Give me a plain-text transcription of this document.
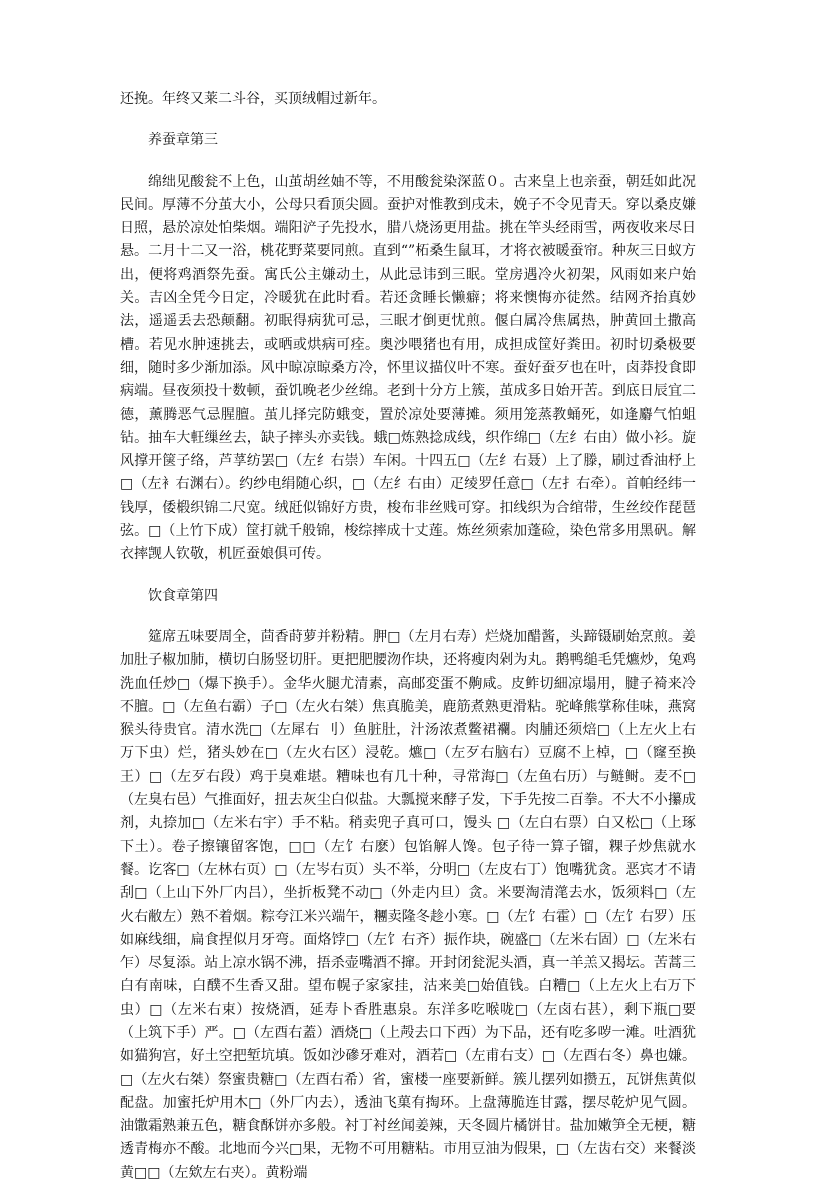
还挽。年终又莱二斗谷，买顶绒帽过新年。

养蚕章第三

绵绌见酸瓮不上色，山茧胡丝妯不等，不用酸瓮染深蓝０。古来皇上也亲蚕，朝廷如此况民间。厚薄不分茧大小，公母只看顶尖圆。蚕护对惟教到戌未，娩子不令见青天。穿以桑皮嫌日照，悬於凉处怕柴烟。端阳浐子先投水，腊八烧汤更用盐。挑在竿头经雨雪，两夜收来尽日悬。二月十二又一浴，桃花野菜要同煎。直到“”柘桑生鼠耳，才将衣被暖蚕帘。种灰三日蚁方出，便将鸡酒祭先蚕。寓氏公主嫌动土，从此忌讳到三眠。堂房遇冷火初架，风雨如来户始关。吉凶全凭今日定，冷暖犹在此时看。若还贪睡长懒癖；将来懊悔亦徒然。结网齐抬真妙法，遥遥丢去恐颠翻。初眠得病犹可忌，三眠才倒更忧煎。偃白属冷焦属热，肿黄回土撒高槽。若见水肿速挑去，或晒或烘病可痊。奥沙喂猪也有用，成担成筐好粪田。初时切桑极要细，随时多少渐加添。风中晾凉晾桑方冷，怀里议描仪叶不寒。蚕好蚕歹也在叶，卤莽投食即病端。昼夜须投十数顿，蚕饥晚老少丝绵。老到十分方上簇，茧成多日始开苦。到底日辰宜二德，薰腾恶气忌腥膻。茧儿择完防蛾变，置於凉处要薄摊。须用笼蒸教蛹死，如逢麝气怕蛆钻。抽车大軖缫丝去，缺子摔头亦卖钱。蛾□炼熟捻成线，织作绵□（左纟右由）做小衫。旋风撑开箧子络，芦莩纺罢□（左纟右崇）车闲。十四五□（左纟右聂）上了滕，刷过香油杼上□（左衤右渊右）。约纱电绢随心织，□（左纟右由）疋绫罗任意□（左扌右牵）。首帕经纬一钱厚，倭椴织锦二尺宽。绒瓩似锦好方贵，梭布非丝贱可穿。扣线织为合绾带，生丝绞作琵琶弦。□（上竹下成）筐打就千般锦，梭综摔成十丈莲。炼丝须索加蓬硷，染色常多用黑矾。解衣摔觊人钦敬，机匠蚕娘俱可传。

饮食章第四

筵席五味要周全，茴香莳萝并粉精。胛□（左月右寿）烂烧加醋酱，头蹄镊刷始烹煎。姜加肚子椒加肺，横切白肠竖切肝。更把肥腰沕作块，还将瘦肉剁为丸。鹅鸭缒毛凭爊炒，兔鸡洗血任炒□（爆下换手）。金华火腿尤清素，高邮変蛋不齁咸。皮鲊切細凉塌用，腱子裿来冷不膻。□（左鱼右霸）子□（左火右桀）焦真脆美，鹿筋煮熟更滑粘。驼峰熊掌称佳味，燕窝猴头待贵官。清水洗□（左犀右 刂）鱼脏肚，汁汤浓煮鳖裙襴。肉脯还须焙□（上左火上右万下虫）烂，猪头妙在□（左火右区）浸乾。爊□（左歹右脑右）豆腐不上棹，□（窿至换王）□（左歹右段）鸡于臭难堪。糟味也有几十种，寻常海□（左鱼右历）与鲢鲥。麦不□（左臭右邑）气推面好，扭去灰尘白似盐。大瓢搅来酵子发，下手先按二百拳。不大不小攥成剂，丸捺加□（左米右宇）手不粘。稍卖兜子真可口，馒头 □（左白右票）白又松□（上琢下土）。卷子擦镶留客饱，□□（左饣右麽）包馅解人馋。包子待一算子镏，粿子炒焦就水餐。讫客□（左林右页）□（左岑右页）头不举，分明□（左皮右丁）饱嘴犹贪。恶宾才不请刮□（上山下外厂内吕），坐折板凳不动□（外走内旦）贪。米要淘清滗去水，饭须料□（左火右敝左）熟不着烟。粽夸江米兴端午，糰卖隆冬趁小寒。□（左饣右霍）□（左饣右罗）压如麻线细，扁食捏似月牙弯。面烙饽□（左饣右齐）振作块，碗盛□（左米右固）□（左米右乍）尽复添。站上凉水锅不沸，捂杀壶嘴酒不撺。开封闭瓮泥头酒，真一羊羔又揭坛。苦蒿三白有南味，白醭不生香又甜。望布幌子家家挂，沽来美□始值钱。白糟□（上左火上右万下虫）□（左米右束）按烧酒，延寿卜香胜惠泉。东洋多吃喉咙□（左卤右甚），剩下瓶□要（上筑下手）严。□（左酉右蓋）酒烧□（上殸去口下西）为下品，还有吃多哕一滩。吐酒犹如猫狗宫，好土空把堑坑填。饭如沙磣牙难对，酒若□（左甫右支）□（左酉右冬）鼻也嫌。□（左火右桀）祭蜜贵糖□（左酉右希）省，蜜楼一座要新鲜。簇儿摆列如攒五，瓦饼焦黄似配盘。加蜜托炉用木□（外厂内去），透油飞菓有掏环。上盘薄脆连甘露，摆尽乾炉见气圆。油馓霜熟兼五色，糖食酥饼亦多般。衬丁衬丝闻姜辣，天冬圆片橘饼甘。盐加嫩笋全无梗，糖透青梅亦不酸。北地而今兴□果，无物不可用糖粘。市用豆油为假果，□（左齿右交）来餐淡黄□□（左欸左右夹）。黄粉端
